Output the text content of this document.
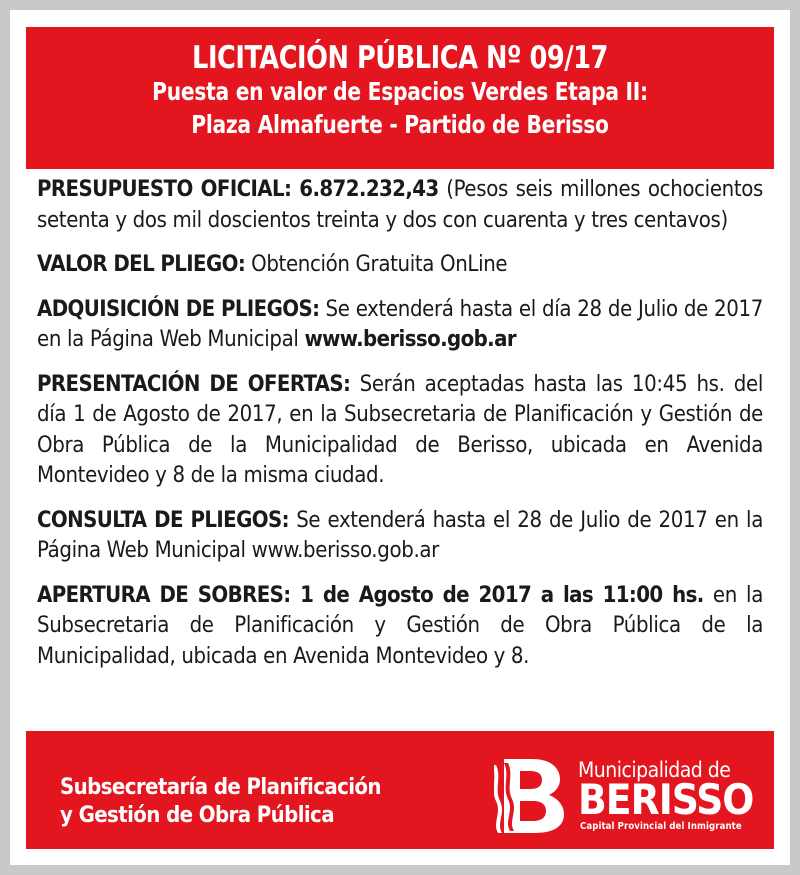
LICITACIÓN PÚBLICA Nº 09/17
Puesta en valor de Espacios Verdes Etapa II:
Plaza Almafuerte - Partido de Berisso

PRESUPUESTO OFICIAL: 6.872.232,43 (Pesos seis millones ochocientos setenta y dos mil doscientos treinta y dos con cuarenta y tres centavos)

VALOR DEL PLIEGO: Obtención Gratuita OnLine

ADQUISICIÓN DE PLIEGOS: Se extenderá hasta el día 28 de Julio de 2017 en la Página Web Municipal www.berisso.gob.ar

PRESENTACIÓN DE OFERTAS: Serán aceptadas hasta las 10:45 hs. del día 1 de Agosto de 2017, en la Subsecretaria de Planificación y Gestión de Obra Pública de la Municipalidad de Berisso, ubicada en Avenida Montevideo y 8 de la misma ciudad.

CONSULTA DE PLIEGOS: Se extenderá hasta el 28 de Julio de 2017 en la Página Web Municipal www.berisso.gob.ar

APERTURA DE SOBRES: 1 de Agosto de 2017 a las 11:00 hs. en la Subsecretaria de Planificación y Gestión de Obra Pública de la Municipalidad, ubicada en Avenida Montevideo y 8.

Subsecretaría de Planificación
y Gestión de Obra Pública
Municipalidad de
BERISSO
Capital Provincial del Inmigrante
